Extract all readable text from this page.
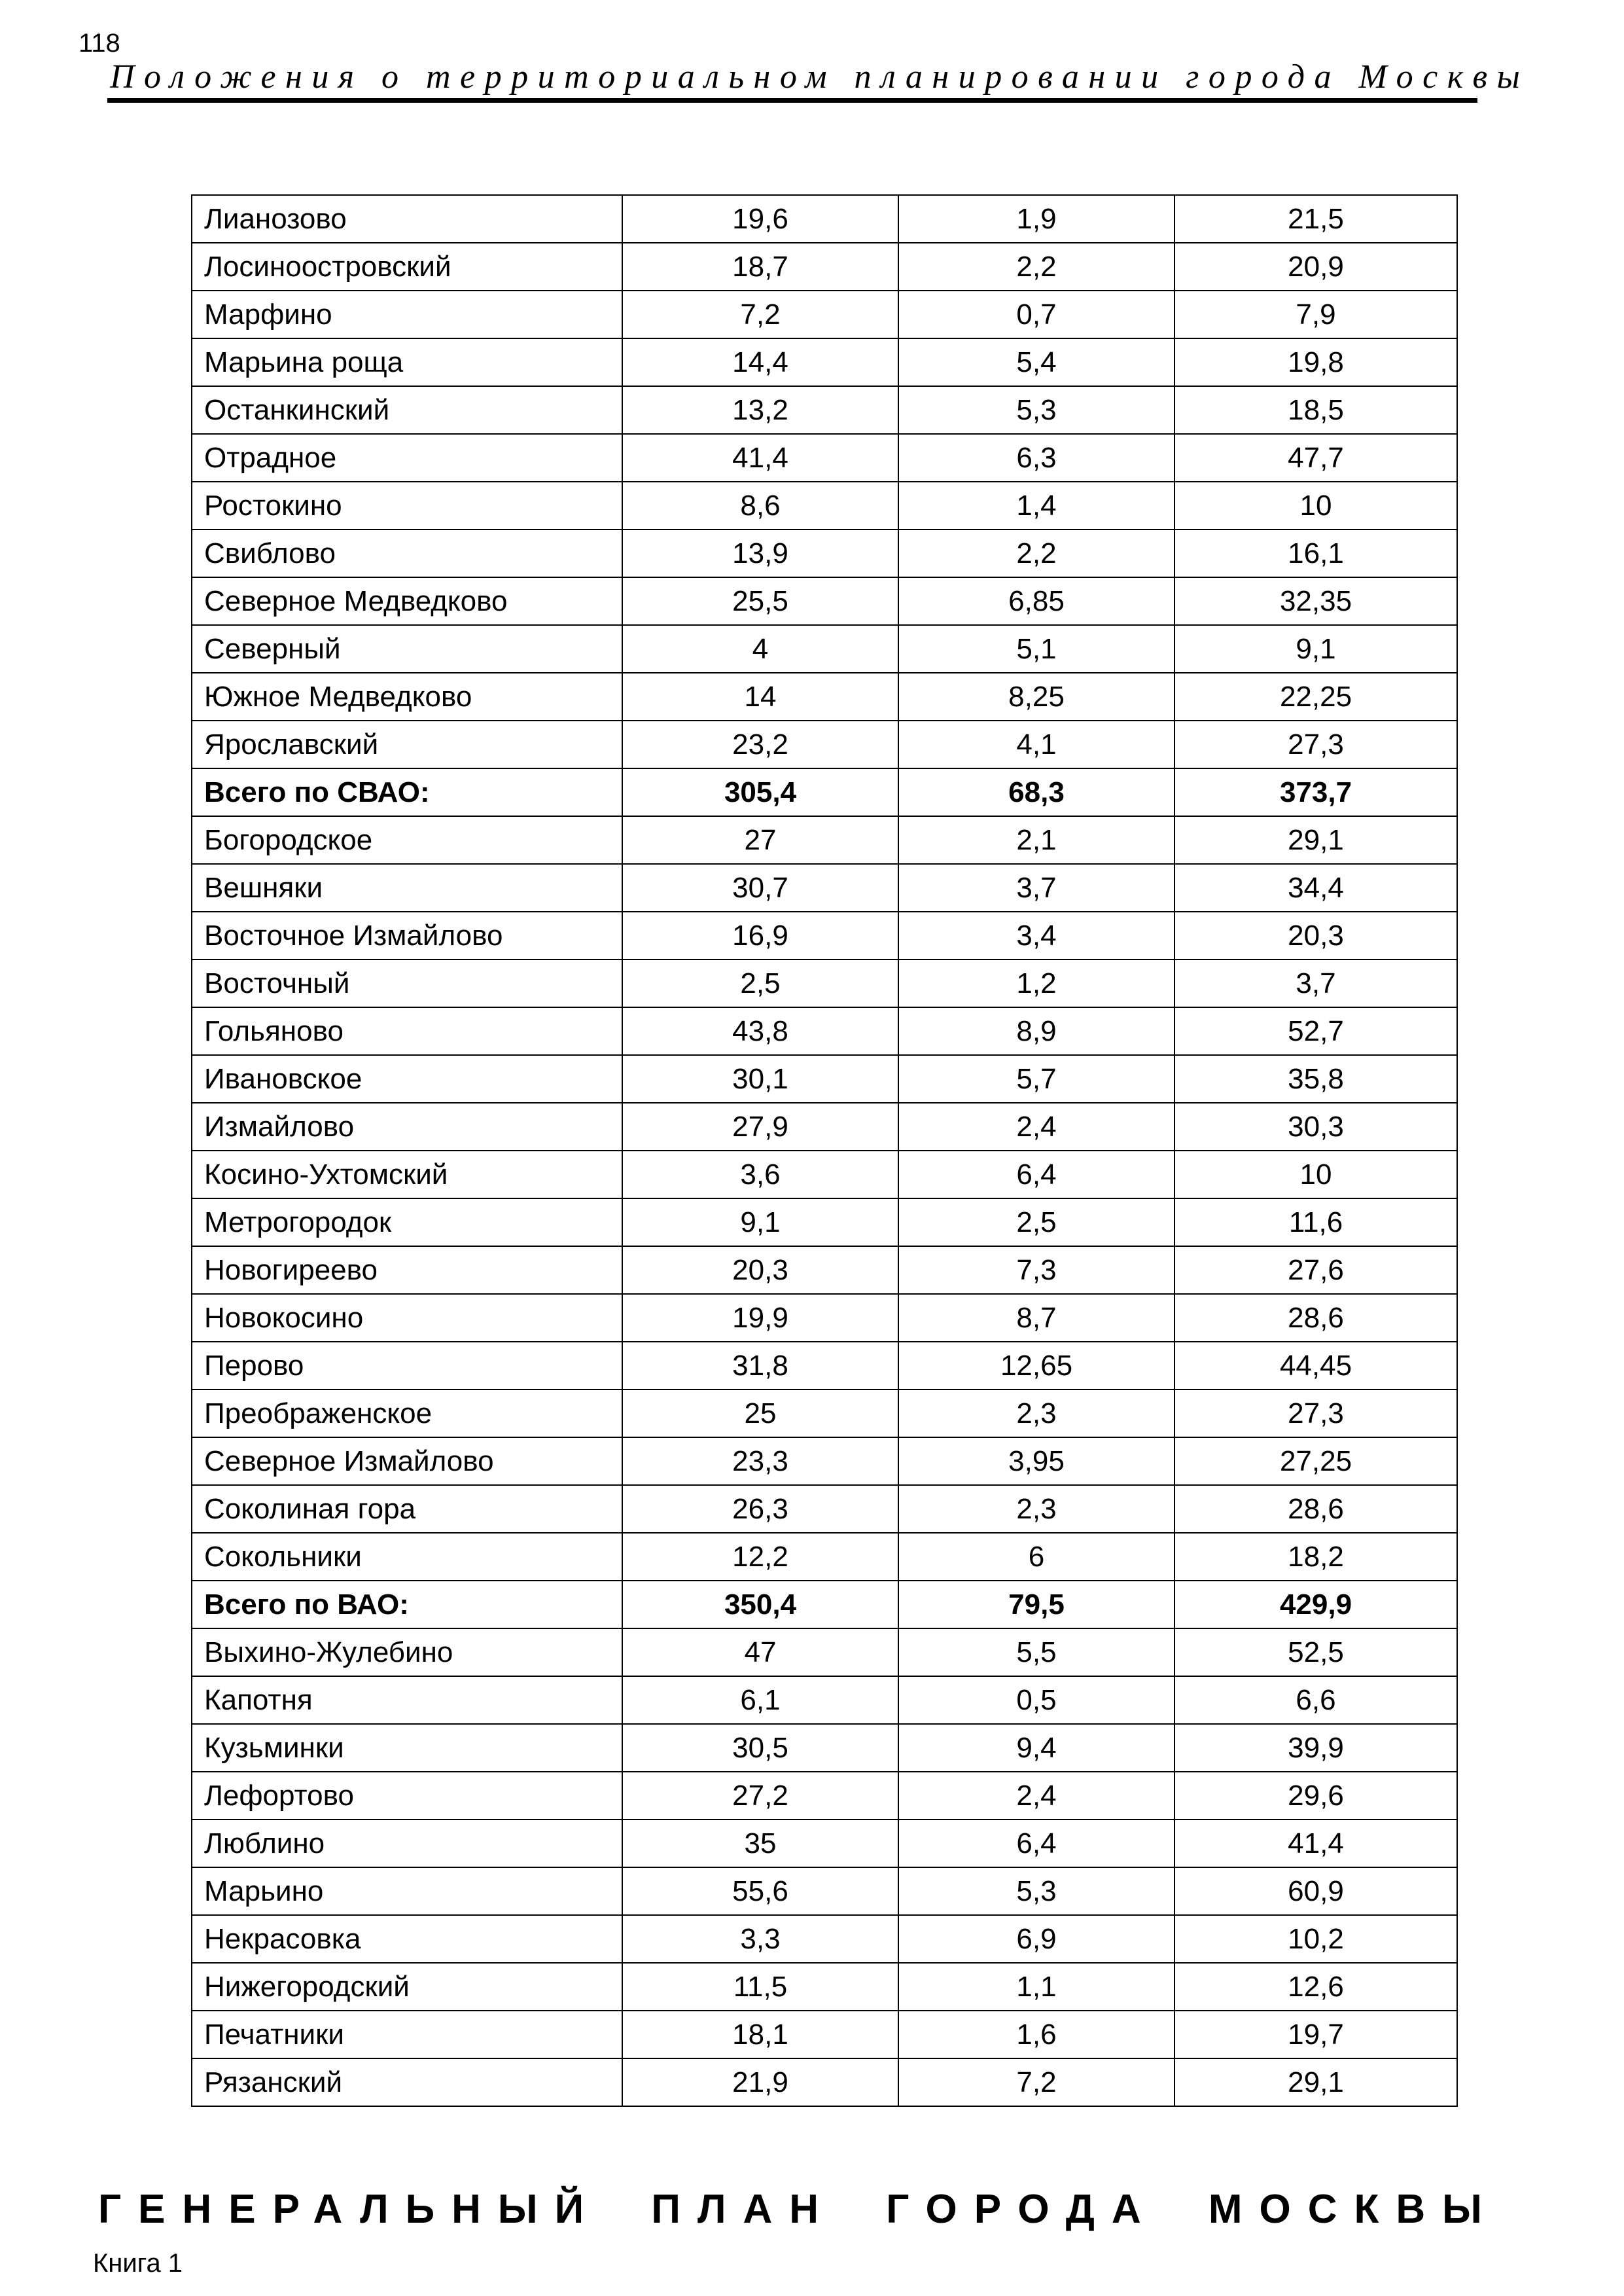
118
Положения о территориальном планировании города Москвы
Лианозово	19,6	1,9	21,5
Лосиноостровский	18,7	2,2	20,9
Марфино	7,2	0,7	7,9
Марьина роща	14,4	5,4	19,8
Останкинский	13,2	5,3	18,5
Отрадное	41,4	6,3	47,7
Ростокино	8,6	1,4	10
Свиблово	13,9	2,2	16,1
Северное Медведково	25,5	6,85	32,35
Северный	4	5,1	9,1
Южное Медведково	14	8,25	22,25
Ярославский	23,2	4,1	27,3
Всего по СВАО:	305,4	68,3	373,7
Богородское	27	2,1	29,1
Вешняки	30,7	3,7	34,4
Восточное Измайлово	16,9	3,4	20,3
Восточный	2,5	1,2	3,7
Гольяново	43,8	8,9	52,7
Ивановское	30,1	5,7	35,8
Измайлово	27,9	2,4	30,3
Косино-Ухтомский	3,6	6,4	10
Метрогородок	9,1	2,5	11,6
Новогиреево	20,3	7,3	27,6
Новокосино	19,9	8,7	28,6
Перово	31,8	12,65	44,45
Преображенское	25	2,3	27,3
Северное Измайлово	23,3	3,95	27,25
Соколиная гора	26,3	2,3	28,6
Сокольники	12,2	6	18,2
Всего по ВАО:	350,4	79,5	429,9
Выхино-Жулебино	47	5,5	52,5
Капотня	6,1	0,5	6,6
Кузьминки	30,5	9,4	39,9
Лефортово	27,2	2,4	29,6
Люблино	35	6,4	41,4
Марьино	55,6	5,3	60,9
Некрасовка	3,3	6,9	10,2
Нижегородский	11,5	1,1	12,6
Печатники	18,1	1,6	19,7
Рязанский	21,9	7,2	29,1
ГЕНЕРАЛЬНЫЙ ПЛАН ГОРОДА МОСКВЫ
Книга 1
